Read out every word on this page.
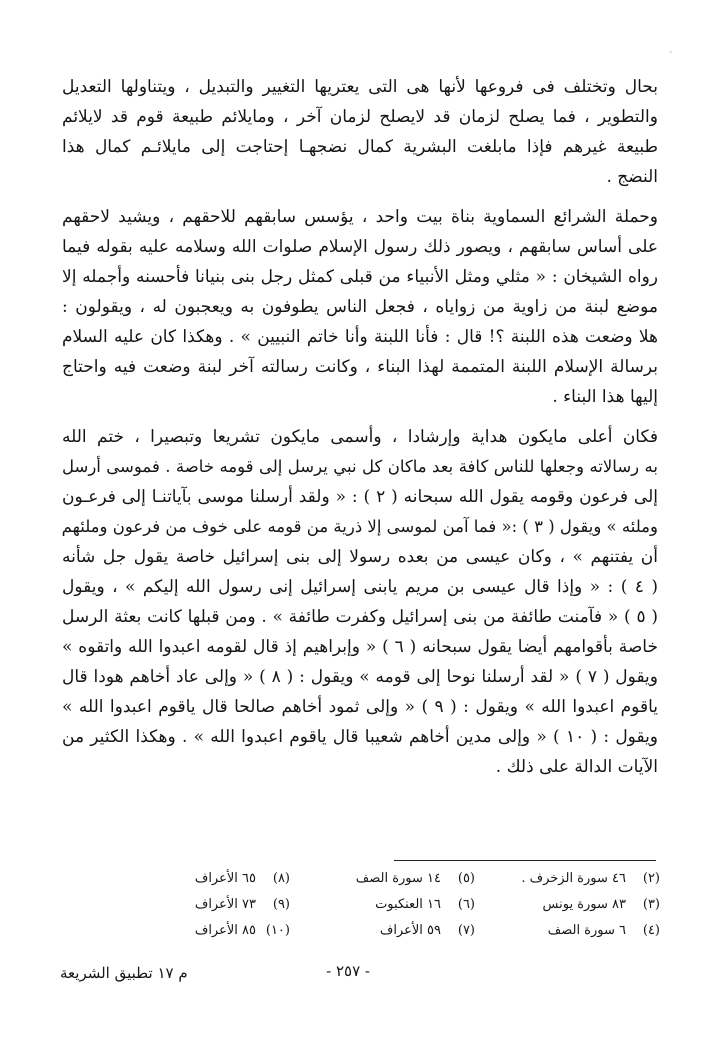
'
بحال وتختلف فى فروعها لأنها هى التى يعتريها التغيير والتبديل ، ويتناولها التعديل
والتطوير ، فما يصلح لزمان قد لايصلح لزمان آخر ، ومايلائم طبيعة قوم قد لايلائم
طبيعة غيرهم فإذا مابلغت البشرية كمال نضجهـا إحتاجت إلى مايلائـم كمال هذا
النضج .
وحملة الشرائع السماوية بناة بيت واحد ، يؤسس سابقهم للاحقهم ، ويشيد لاحقهم
على أساس سابقهم ، ويصور ذلك رسول الإسلام صلوات الله وسلامه عليه بقوله فيما
رواه الشيخان : « مثلي ومثل الأنبياء من قبلى كمثل رجل بنى بنيانا فأحسنه وأجمله إلا
موضع لبنة من زاوية من زواياه ، فجعل الناس يطوفون به ويعجبون له ، ويقولون :
هلا وضعت هذه اللبنة ؟! قال : فأنا اللبنة وأنا خاتم النبيين » . وهكذا كان عليه السلام
برسالة الإسلام اللبنة المتممة لهذا البناء ، وكانت رسالته آخر لبنة وضعت فيه واحتاج
إليها هذا البناء .
فكان أعلى مايكون هداية وإرشادا ، وأسمى مايكون تشريعا وتبصيرا ، ختم الله
به رسالاته وجعلها للناس كافة بعد ماكان كل نبي يرسل إلى قومه خاصة . فموسى أرسل
إلى فرعون وقومه يقول الله سبحانه ( ٢ ) : « ولقد أرسلنا موسى بآياتنـا إلى فرعـون
وملئه » ويقول ( ٣ ) :« فما آمن لموسى إلا ذرية من قومه على خوف من فرعون وملئهم
أن يفتنهم » ، وكان عيسى من بعده رسولا إلى بنى إسرائيل خاصة يقول جل شأنه
( ٤ ) : « وإذا قال عيسى بن مريم يابنى إسرائيل إنى رسول الله إليكم » ، ويقول
( ٥ ) « فآمنت طائفة من بنى إسرائيل وكفرت طائفة » . ومن قبلها كانت بعثة الرسل
خاصة بأقوامهم أيضا يقول سبحانه ( ٦ ) « وإبراهيم إذ قال لقومه اعبدوا الله واتقوه »
ويقول ( ٧ ) « لقد أرسلنا نوحا إلى قومه » ويقول : ( ٨ ) « وإلى عاد أخاهم هودا قال
ياقوم اعبدوا الله » ويقول : ( ٩ ) « وإلى ثمود أخاهم صالحا قال ياقوم اعبدوا الله »
ويقول : ( ١٠ ) « وإلى مدين أخاهم شعيبا قال ياقوم اعبدوا الله » . وهكذا الكثير من
الآيات الدالة على ذلك .
(٢)٤٦ سورة الزخرف .
(٣)٨٣ سورة يونس
(٤)٦ سورة الصف
(٥)١٤ سورة الصف
(٦)١٦ العنكبوت
(٧)٥٩ الأعراف
(٨)٦٥ الأعراف
(٩)٧٣ الأعراف
(١٠)٨٥ الأعراف
- ٢٥٧ -
م ١٧ تطبيق الشريعة
